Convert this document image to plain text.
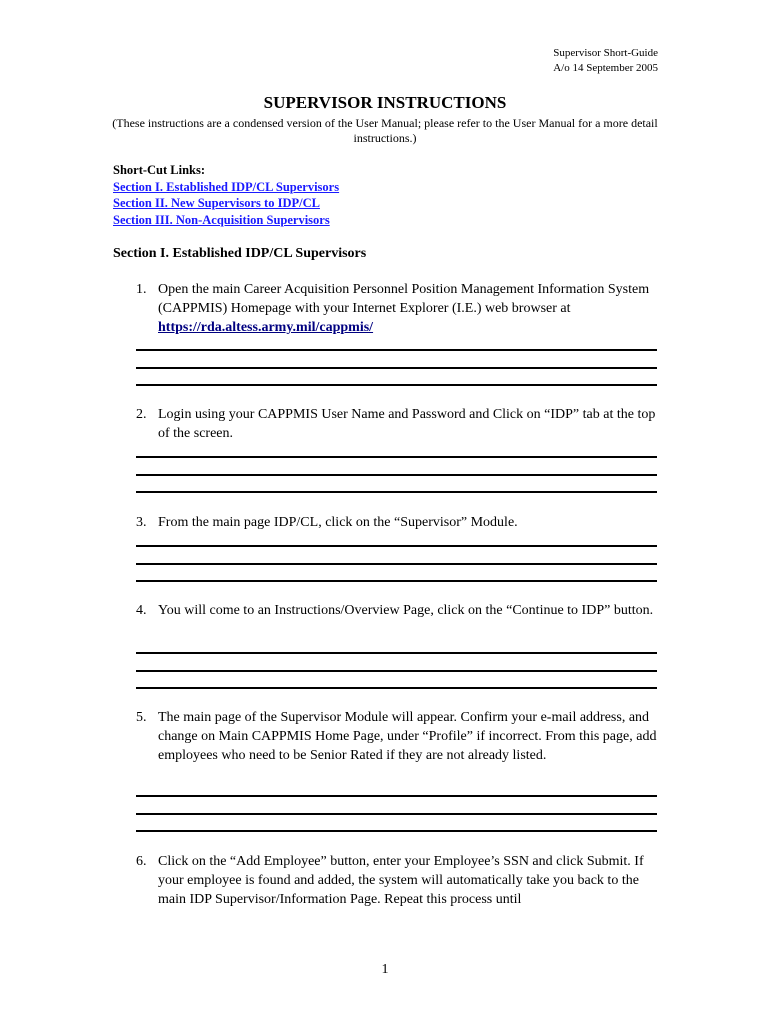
Supervisor Short-Guide
A/o 14 September 2005
SUPERVISOR INSTRUCTIONS
(These instructions are a condensed version of the User Manual; please refer to the User Manual for a more detail instructions.)
Short-Cut Links:
Section I. Established IDP/CL Supervisors
Section II. New Supervisors to IDP/CL
Section III. Non-Acquisition Supervisors
Section I. Established IDP/CL Supervisors
1. Open the main Career Acquisition Personnel Position Management Information System (CAPPMIS) Homepage with your Internet Explorer (I.E.) web browser at https://rda.altess.army.mil/cappmis/
2. Login using your CAPPMIS User Name and Password and Click on “IDP” tab at the top of the screen.
3. From the main page IDP/CL, click on the “Supervisor” Module.
4. You will come to an Instructions/Overview Page, click on the “Continue to IDP” button.
5. The main page of the Supervisor Module will appear. Confirm your e-mail address, and change on Main CAPPMIS Home Page, under “Profile” if incorrect. From this page, add employees who need to be Senior Rated if they are not already listed.
6. Click on the “Add Employee” button, enter your Employee’s SSN and click Submit. If your employee is found and added, the system will automatically take you back to the main IDP Supervisor/Information Page. Repeat this process until
1
